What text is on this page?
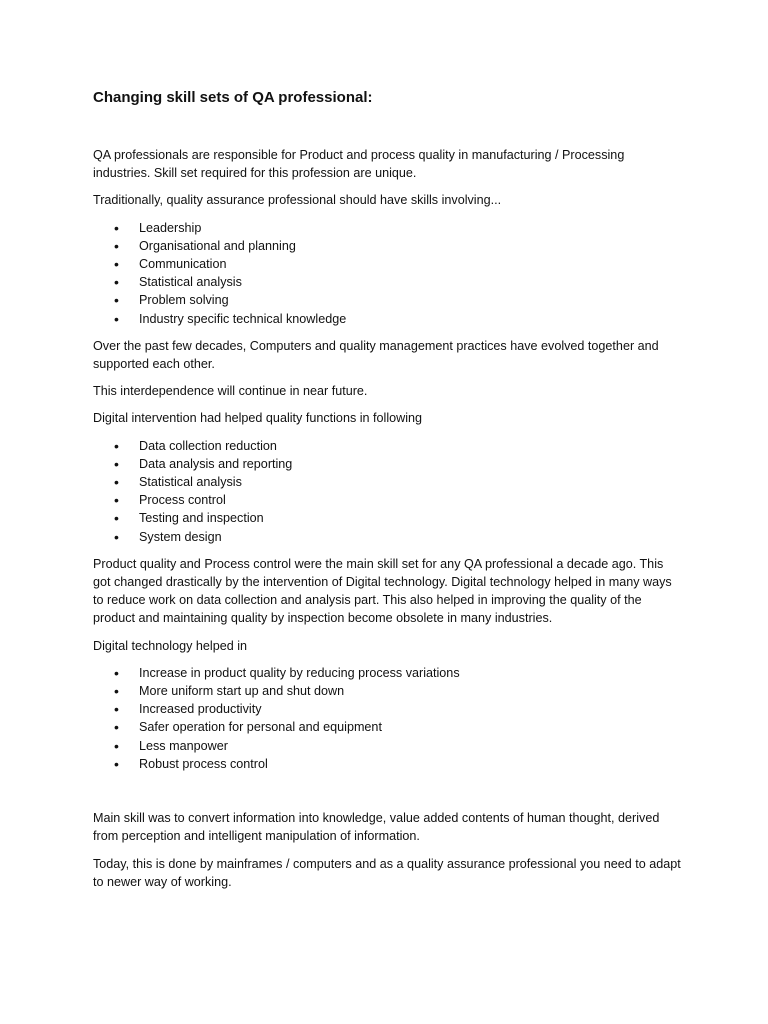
Changing skill sets of QA professional:

QA professionals are responsible for Product and process quality in manufacturing / Processing industries. Skill set required for this profession are unique.

Traditionally, quality assurance professional should have skills involving...

• Leadership
• Organisational and planning
• Communication
• Statistical analysis
• Problem solving
• Industry specific technical knowledge

Over the past few decades, Computers and quality management practices have evolved together and supported each other.

This interdependence will continue in near future.

Digital intervention had helped quality functions in following

• Data collection reduction
• Data analysis and reporting
• Statistical analysis
• Process control
• Testing and inspection
• System design

Product quality and Process control were the main skill set for any QA professional a decade ago. This got changed drastically by the intervention of Digital technology. Digital technology helped in many ways to reduce work on data collection and analysis part. This also helped in improving the quality of the product and maintaining quality by inspection become obsolete in many industries.

Digital technology helped in

• Increase in product quality by reducing process variations
• More uniform start up and shut down
• Increased productivity
• Safer operation for personal and equipment
• Less manpower
• Robust process control

Main skill was to convert information into knowledge, value added contents of human thought, derived from perception and intelligent manipulation of information.

Today, this is done by mainframes / computers and as a quality assurance professional you need to adapt to newer way of working.
